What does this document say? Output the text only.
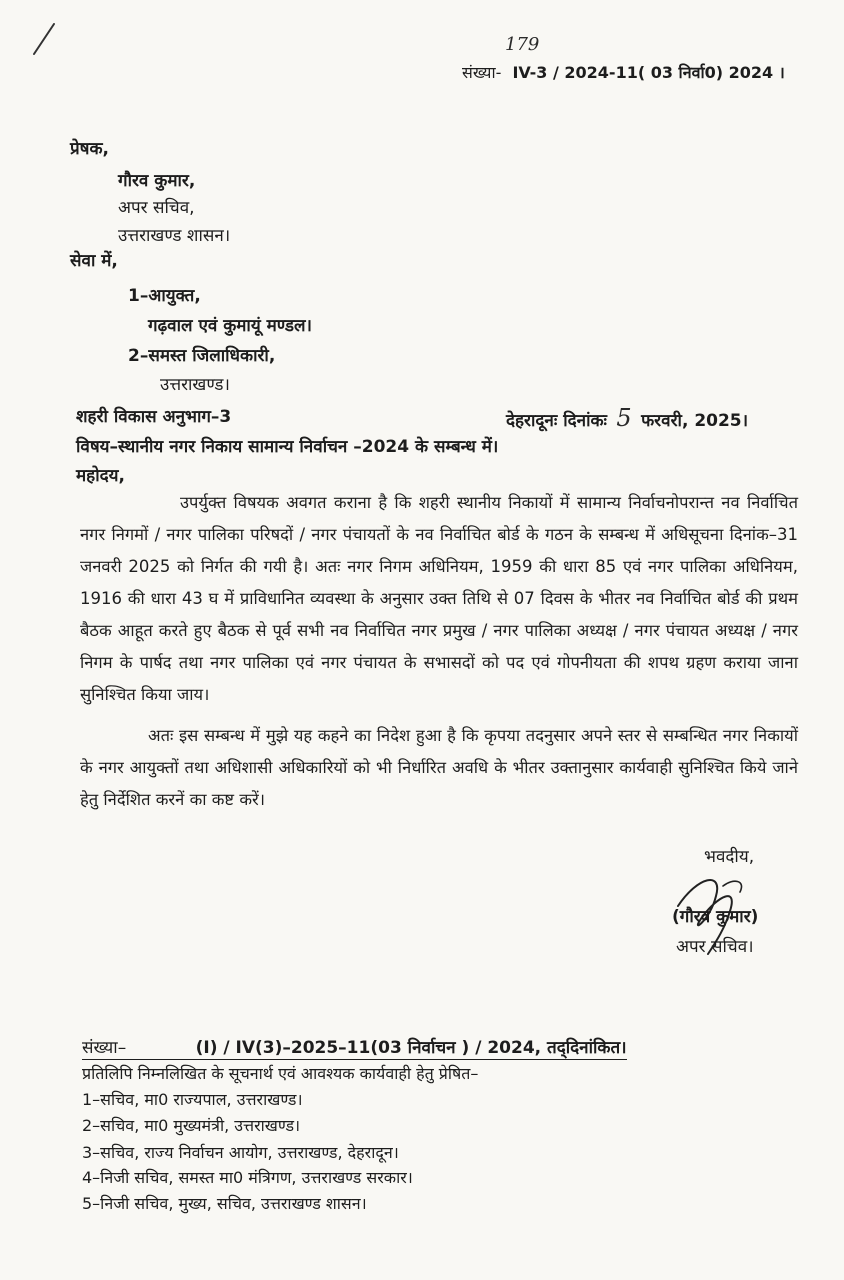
179
संख्या- IV-3 / 2024-11( 03 निर्वा0) 2024 ।
प्रेषक,
गौरव कुमार,
अपर सचिव,
उत्तराखण्ड शासन।
सेवा में,
1–आयुक्त,
गढ़वाल एवं कुमायूं मण्डल।
2–समस्त जिलाधिकारी,
उत्तराखण्ड।
शहरी विकास अनुभाग–3	देहरादूनः दिनांकः 5 फरवरी, 2025।
विषय–स्थानीय नगर निकाय सामान्य निर्वाचन –2024 के सम्बन्ध में।
महोदय,
उपर्युक्त विषयक अवगत कराना है कि शहरी स्थानीय निकायों में सामान्य निर्वाचनोपरान्त नव निर्वाचित नगर निगमों / नगर पालिका परिषदों / नगर पंचायतों के नव निर्वाचित बोर्ड के गठन के सम्बन्ध में अधिसूचना दिनांक–31 जनवरी 2025 को निर्गत की गयी है। अतः नगर निगम अधिनियम, 1959 की धारा 85 एवं नगर पालिका अधिनियम, 1916 की धारा 43 घ में प्राविधानित व्यवस्था के अनुसार उक्त तिथि से 07 दिवस के भीतर नव निर्वाचित बोर्ड की प्रथम बैठक आहूत करते हुए बैठक से पूर्व सभी नव निर्वाचित नगर प्रमुख / नगर पालिका अध्यक्ष / नगर पंचायत अध्यक्ष / नगर निगम के पार्षद तथा नगर पालिका एवं नगर पंचायत के सभासदों को पद एवं गोपनीयता की शपथ ग्रहण कराया जाना सुनिश्चित किया जाय।
अतः इस सम्बन्ध में मुझे यह कहने का निदेश हुआ है कि कृपया तदनुसार अपने स्तर से सम्बन्धित नगर निकायों के नगर आयुक्तों तथा अधिशासी अधिकारियों को भी निर्धारित अवधि के भीतर उक्तानुसार कार्यवाही सुनिश्चित किये जाने हेतु निर्देशित करनें का कष्ट करें।
भवदीय,
(गौरव कुमार)
अपर सचिव।
संख्या–	(I) / IV(3)–2025–11(03 निर्वाचन ) / 2024, तद्‌दिनांकित।
प्रतिलिपि निम्नलिखित के सूचनार्थ एवं आवश्यक कार्यवाही हेतु प्रेषित–
1–सचिव, मा0 राज्यपाल, उत्तराखण्ड।
2–सचिव, मा0 मुख्यमंत्री, उत्तराखण्ड।
3–सचिव, राज्य निर्वाचन आयोग, उत्तराखण्ड, देहरादून।
4–निजी सचिव, समस्त मा0 मंत्रिगण, उत्तराखण्ड सरकार।
5–निजी सचिव, मुख्य, सचिव, उत्तराखण्ड शासन।
